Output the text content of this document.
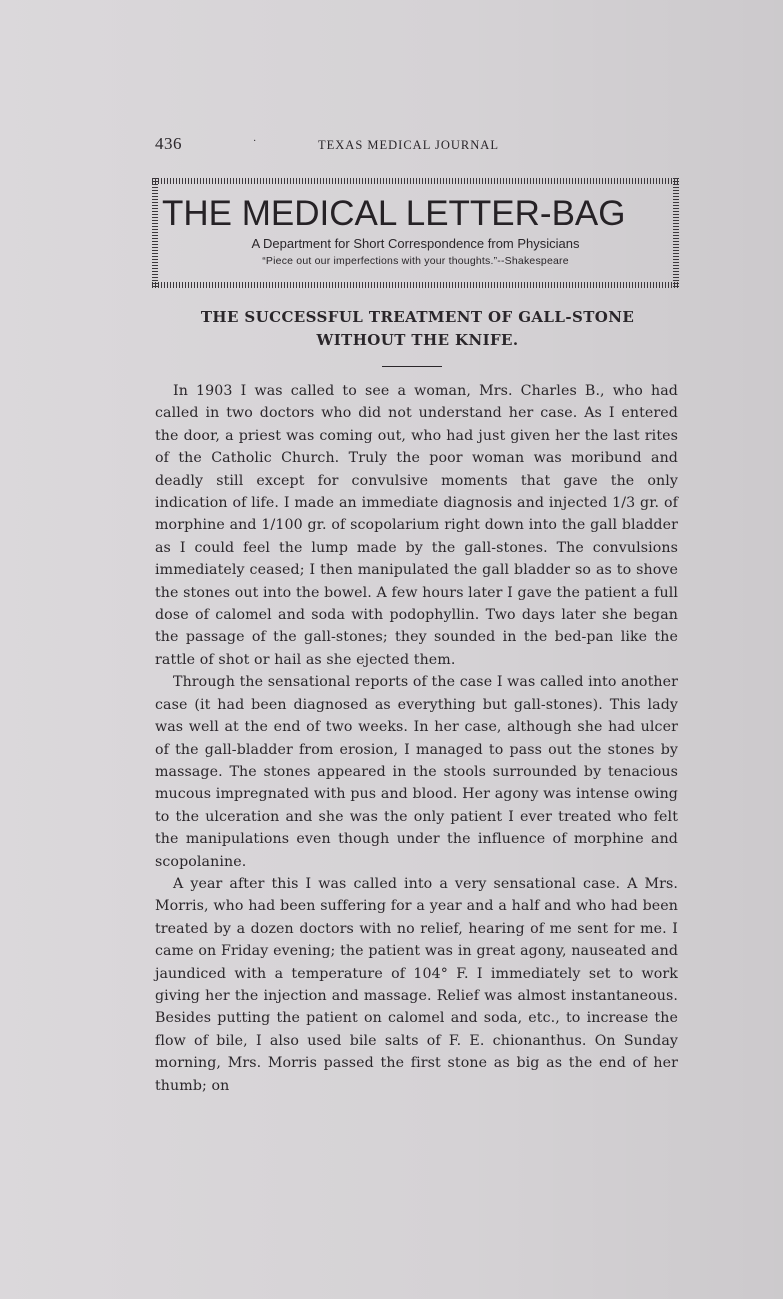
436	·	TEXAS MEDICAL JOURNAL
THE MEDICAL LETTER-BAG
A Department for Short Correspondence from Physicians
“Piece out our imperfections with your thoughts.”--Shakespeare
THE SUCCESSFUL TREATMENT OF GALL-STONE
WITHOUT THE KNIFE.

In 1903 I was called to see a woman, Mrs. Charles B., who had called in two doctors who did not understand her case. As I entered the door, a priest was coming out, who had just given her the last rites of the Catholic Church. Truly the poor woman was moribund and deadly still except for convulsive moments that gave the only indication of life. I made an immediate diagnosis and injected 1/3 gr. of morphine and 1/100 gr. of scopolarium right down into the gall bladder as I could feel the lump made by the gall-stones. The convulsions immediately ceased; I then manipulated the gall bladder so as to shove the stones out into the bowel. A few hours later I gave the patient a full dose of calomel and soda with podophyllin. Two days later she began the passage of the gall-stones; they sounded in the bed-pan like the rattle of shot or hail as she ejected them.

Through the sensational reports of the case I was called into another case (it had been diagnosed as everything but gall-stones). This lady was well at the end of two weeks. In her case, although she had ulcer of the gall-bladder from erosion, I managed to pass out the stones by massage. The stones appeared in the stools surrounded by tenacious mucous impregnated with pus and blood. Her agony was intense owing to the ulceration and she was the only patient I ever treated who felt the manipulations even though under the influence of morphine and scopolanine.

A year after this I was called into a very sensational case. A Mrs. Morris, who had been suffering for a year and a half and who had been treated by a dozen doctors with no relief, hearing of me sent for me. I came on Friday evening; the patient was in great agony, nauseated and jaundiced with a temperature of 104° F. I immediately set to work giving her the injection and massage. Relief was almost instantaneous. Besides putting the patient on calomel and soda, etc., to increase the flow of bile, I also used bile salts of F. E. chionanthus. On Sunday morning, Mrs. Morris passed the first stone as big as the end of her thumb; on
